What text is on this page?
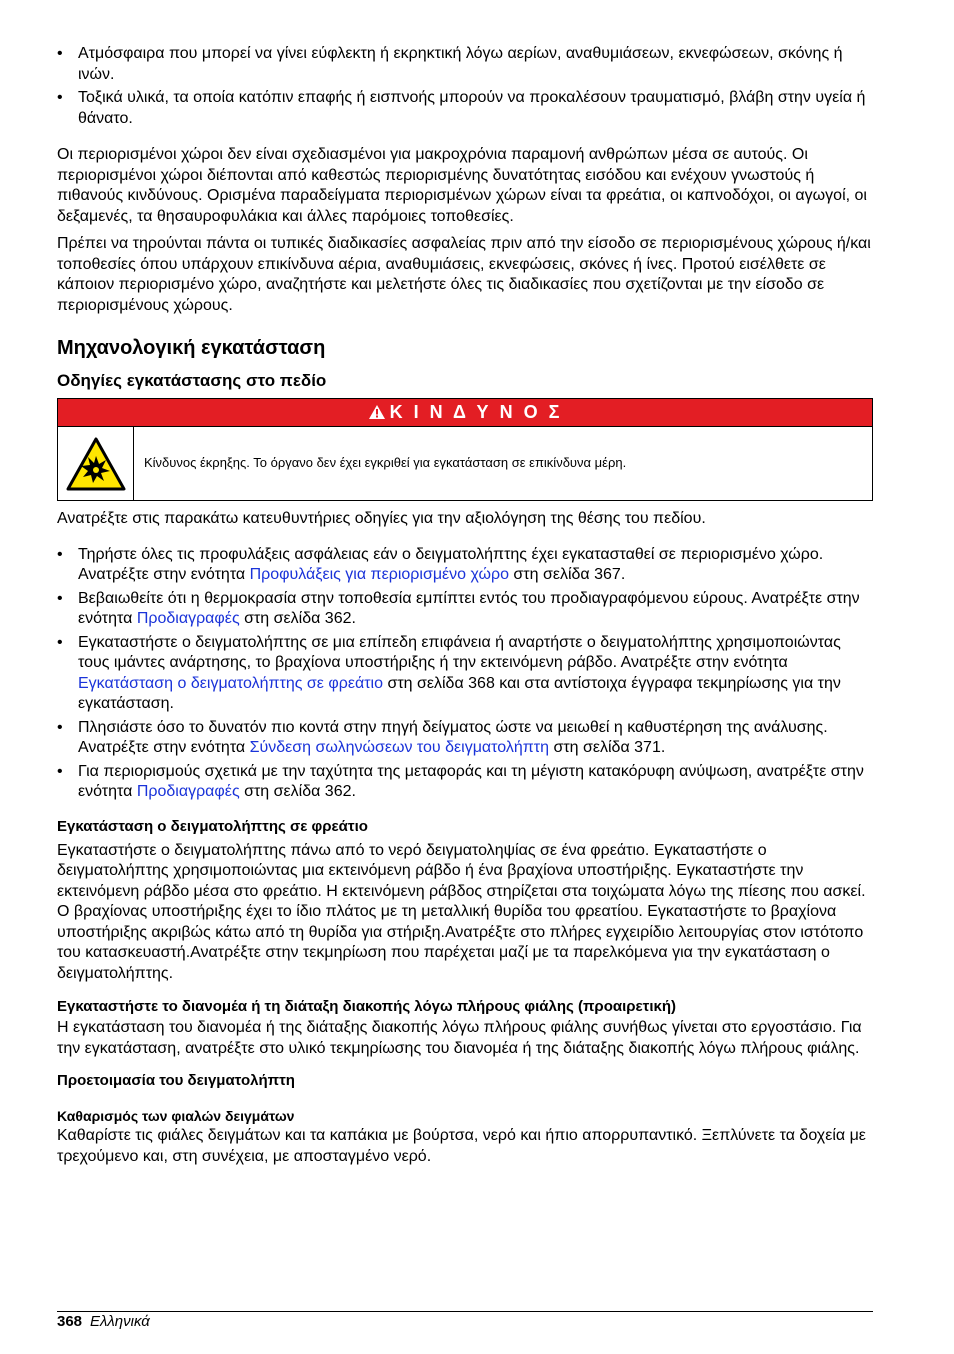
• Ατμόσφαιρα που μπορεί να γίνει εύφλεκτη ή εκρηκτική λόγω αερίων, αναθυμιάσεων, εκνεφώσεων, σκόνης ή ινών.
• Τοξικά υλικά, τα οποία κατόπιν επαφής ή εισπνοής μπορούν να προκαλέσουν τραυματισμό, βλάβη στην υγεία ή θάνατο.

Οι περιορισμένοι χώροι δεν είναι σχεδιασμένοι για μακροχρόνια παραμονή ανθρώπων μέσα σε αυτούς. Οι περιορισμένοι χώροι διέπονται από καθεστώς περιορισμένης δυνατότητας εισόδου και ενέχουν γνωστούς ή πιθανούς κινδύνους. Ορισμένα παραδείγματα περιορισμένων χώρων είναι τα φρεάτια, οι καπνοδόχοι, οι αγωγοί, οι δεξαμενές, τα θησαυροφυλάκια και άλλες παρόμοιες τοποθεσίες.

Πρέπει να τηρούνται πάντα οι τυπικές διαδικασίες ασφαλείας πριν από την είσοδο σε περιορισμένους χώρους ή/και τοποθεσίες όπου υπάρχουν επικίνδυνα αέρια, αναθυμιάσεις, εκνεφώσεις, σκόνες ή ίνες. Προτού εισέλθετε σε κάποιον περιορισμένο χώρο, αναζητήστε και μελετήστε όλες τις διαδικασίες που σχετίζονται με την είσοδο σε περιορισμένους χώρους.

Μηχανολογική εγκατάσταση
Οδηγίες εγκατάστασης στο πεδίο
Κ Ι Ν Δ Υ Ν Ο Σ
Κίνδυνος έκρηξης. Το όργανο δεν έχει εγκριθεί για εγκατάσταση σε επικίνδυνα μέρη.

Ανατρέξτε στις παρακάτω κατευθυντήριες οδηγίες για την αξιολόγηση της θέσης του πεδίου.

• Τηρήστε όλες τις προφυλάξεις ασφάλειας εάν ο δειγματολήπτης έχει εγκατασταθεί σε περιορισμένο χώρο. Ανατρέξτε στην ενότητα Προφυλάξεις για περιορισμένο χώρο στη σελίδα 367.
• Βεβαιωθείτε ότι η θερμοκρασία στην τοποθεσία εμπίπτει εντός του προδιαγραφόμενου εύρους. Ανατρέξτε στην ενότητα Προδιαγραφές στη σελίδα 362.
• Εγκαταστήστε ο δειγματολήπτης σε μια επίπεδη επιφάνεια ή αναρτήστε ο δειγματολήπτης χρησιμοποιώντας τους ιμάντες ανάρτησης, το βραχίονα υποστήριξης ή την εκτεινόμενη ράβδο. Ανατρέξτε στην ενότητα Εγκατάσταση ο δειγματολήπτης σε φρεάτιο στη σελίδα 368 και στα αντίστοιχα έγγραφα τεκμηρίωσης για την εγκατάσταση.
• Πλησιάστε όσο το δυνατόν πιο κοντά στην πηγή δείγματος ώστε να μειωθεί η καθυστέρηση της ανάλυσης. Ανατρέξτε στην ενότητα Σύνδεση σωληνώσεων του δειγματολήπτη στη σελίδα 371.
• Για περιορισμούς σχετικά με την ταχύτητα της μεταφοράς και τη μέγιστη κατακόρυφη ανύψωση, ανατρέξτε στην ενότητα Προδιαγραφές στη σελίδα 362.
Εγκατάσταση ο δειγματολήπτης σε φρεάτιο

Εγκαταστήστε ο δειγματολήπτης πάνω από το νερό δειγματοληψίας σε ένα φρεάτιο. Εγκαταστήστε ο δειγματολήπτης χρησιμοποιώντας μια εκτεινόμενη ράβδο ή ένα βραχίονα υποστήριξης. Εγκαταστήστε την εκτεινόμενη ράβδο μέσα στο φρεάτιο. Η εκτεινόμενη ράβδος στηρίζεται στα τοιχώματα λόγω της πίεσης που ασκεί. Ο βραχίονας υποστήριξης έχει το ίδιο πλάτος με τη μεταλλική θυρίδα του φρεατίου. Εγκαταστήστε το βραχίονα υποστήριξης ακριβώς κάτω από τη θυρίδα για στήριξη.Ανατρέξτε στο πλήρες εγχειρίδιο λειτουργίας στον ιστότοπο του κατασκευαστή.Ανατρέξτε στην τεκμηρίωση που παρέχεται μαζί με τα παρελκόμενα για την εγκατάσταση ο δειγματολήπτης.

Εγκαταστήστε το διανομέα ή τη διάταξη διακοπής λόγω πλήρους φιάλης (προαιρετική)

Η εγκατάσταση του διανομέα ή της διάταξης διακοπής λόγω πλήρους φιάλης συνήθως γίνεται στο εργοστάσιο. Για την εγκατάσταση, ανατρέξτε στο υλικό τεκμηρίωσης του διανομέα ή της διάταξης διακοπής λόγω πλήρους φιάλης.

Προετοιμασία του δειγματολήπτη
Καθαρισμός των φιαλών δειγμάτων

Καθαρίστε τις φιάλες δειγμάτων και τα καπάκια με βούρτσα, νερό και ήπιο απορρυπαντικό. Ξεπλύνετε τα δοχεία με τρεχούμενο και, στη συνέχεια, με αποσταγμένο νερό.

368 Ελληνικά
